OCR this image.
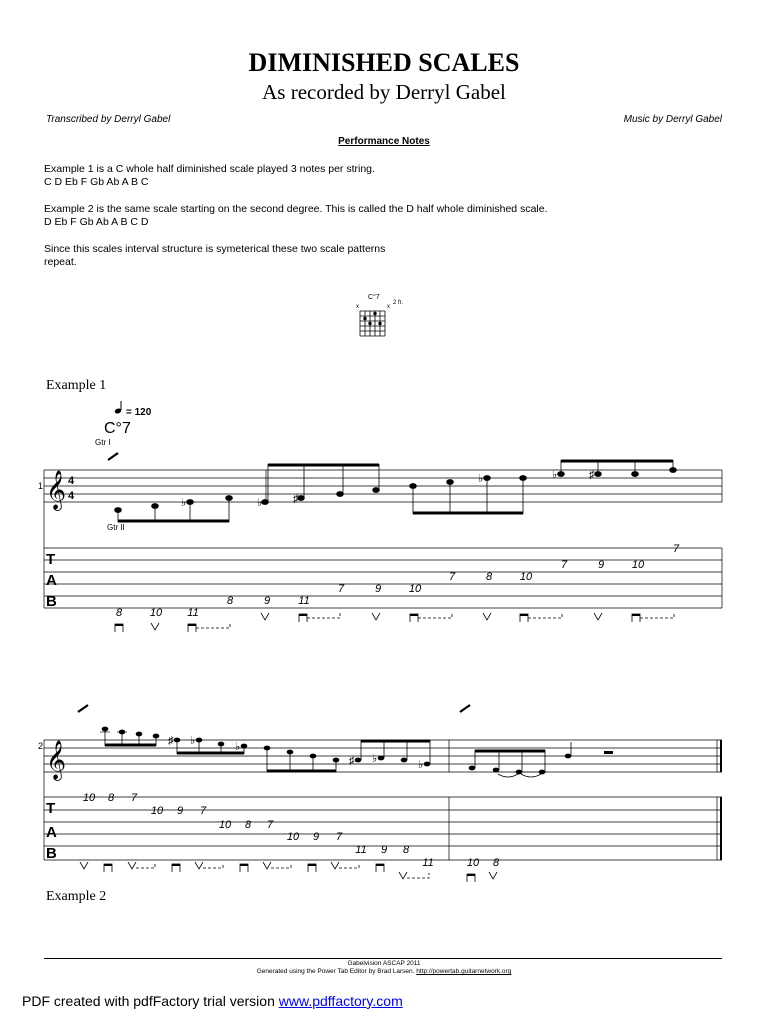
DIMINISHED SCALES
As recorded by Derryl Gabel
Transcribed by Derryl Gabel	Music by Derryl Gabel
Performance Notes
Example 1 is a C whole half diminished scale played 3 notes per string.
C D Eb F Gb Ab A B C
Example 2 is the same scale starting on the second degree. This is called the D half whole diminished scale.
D Eb F Gb Ab A B C D
Since this scales interval structure is symeterical these two scale patterns
repeat.
C°7
x	x
2 fr.
Example 1
= 120
C°7
Gtr I
1 𝄞 4
4
♭	♭	♯
♭	♭	♯
Gtr II
T
A
B
8	10 11
8	9	11
7	9	10
7	8	10
7	9	10
7
2 𝄞	♯ ♭	♭
♯ ♭	♭
T
A
B
10 8 7
10 9 7
10 8 7
10 9 7
11 9 8
11	10 8
Example 2
Gabelvision ASCAP 2011
Generated using the Power Tab Editor by Brad Larsen. http://powertab.guitarnetwork.org
PDF created with pdfFactory trial version www.pdffactory.com
